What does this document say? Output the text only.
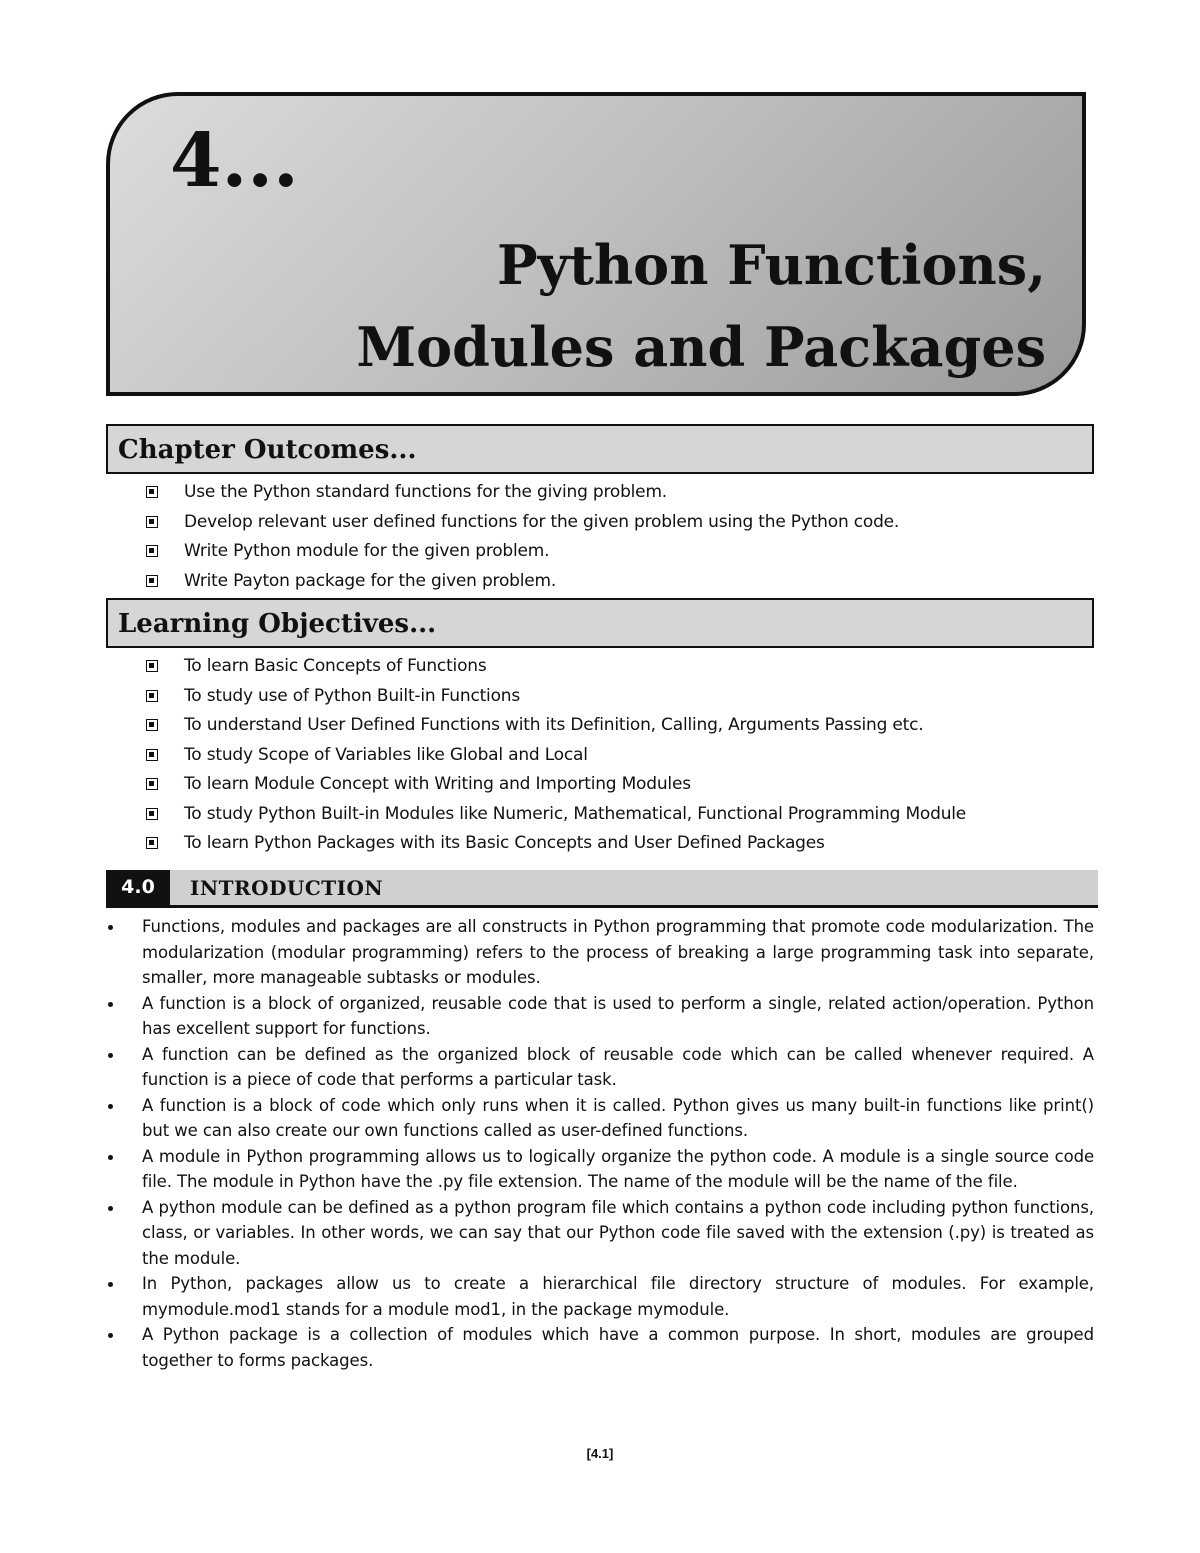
4...
Python Functions,
Modules and Packages
Chapter Outcomes...
Use the Python standard functions for the giving problem.
Develop relevant user defined functions for the given problem using the Python code.
Write Python module for the given problem.
Write Payton package for the given problem.
Learning Objectives...
To learn Basic Concepts of Functions
To study use of Python Built-in Functions
To understand User Defined Functions with its Definition, Calling, Arguments Passing etc.
To study Scope of Variables like Global and Local
To learn Module Concept with Writing and Importing Modules
To study Python Built-in Modules like Numeric, Mathematical, Functional Programming Module
To learn Python Packages with its Basic Concepts and User Defined Packages
4.0	INTRODUCTION
Functions, modules and packages are all constructs in Python programming that promote code modularization. The modularization (modular programming) refers to the process of breaking a large programming task into separate, smaller, more manageable subtasks or modules.
A function is a block of organized, reusable code that is used to perform a single, related action/operation. Python has excellent support for functions.
A function can be defined as the organized block of reusable code which can be called whenever required. A function is a piece of code that performs a particular task.
A function is a block of code which only runs when it is called. Python gives us many built-in functions like print() but we can also create our own functions called as user-defined functions.
A module in Python programming allows us to logically organize the python code. A module is a single source code file. The module in Python have the .py file extension. The name of the module will be the name of the file.
A python module can be defined as a python program file which contains a python code including python functions, class, or variables. In other words, we can say that our Python code file saved with the extension (.py) is treated as the module.
In Python, packages allow us to create a hierarchical file directory structure of modules. For example, mymodule.mod1 stands for a module mod1, in the package mymodule.
A Python package is a collection of modules which have a common purpose. In short, modules are grouped together to forms packages.
[4.1]
